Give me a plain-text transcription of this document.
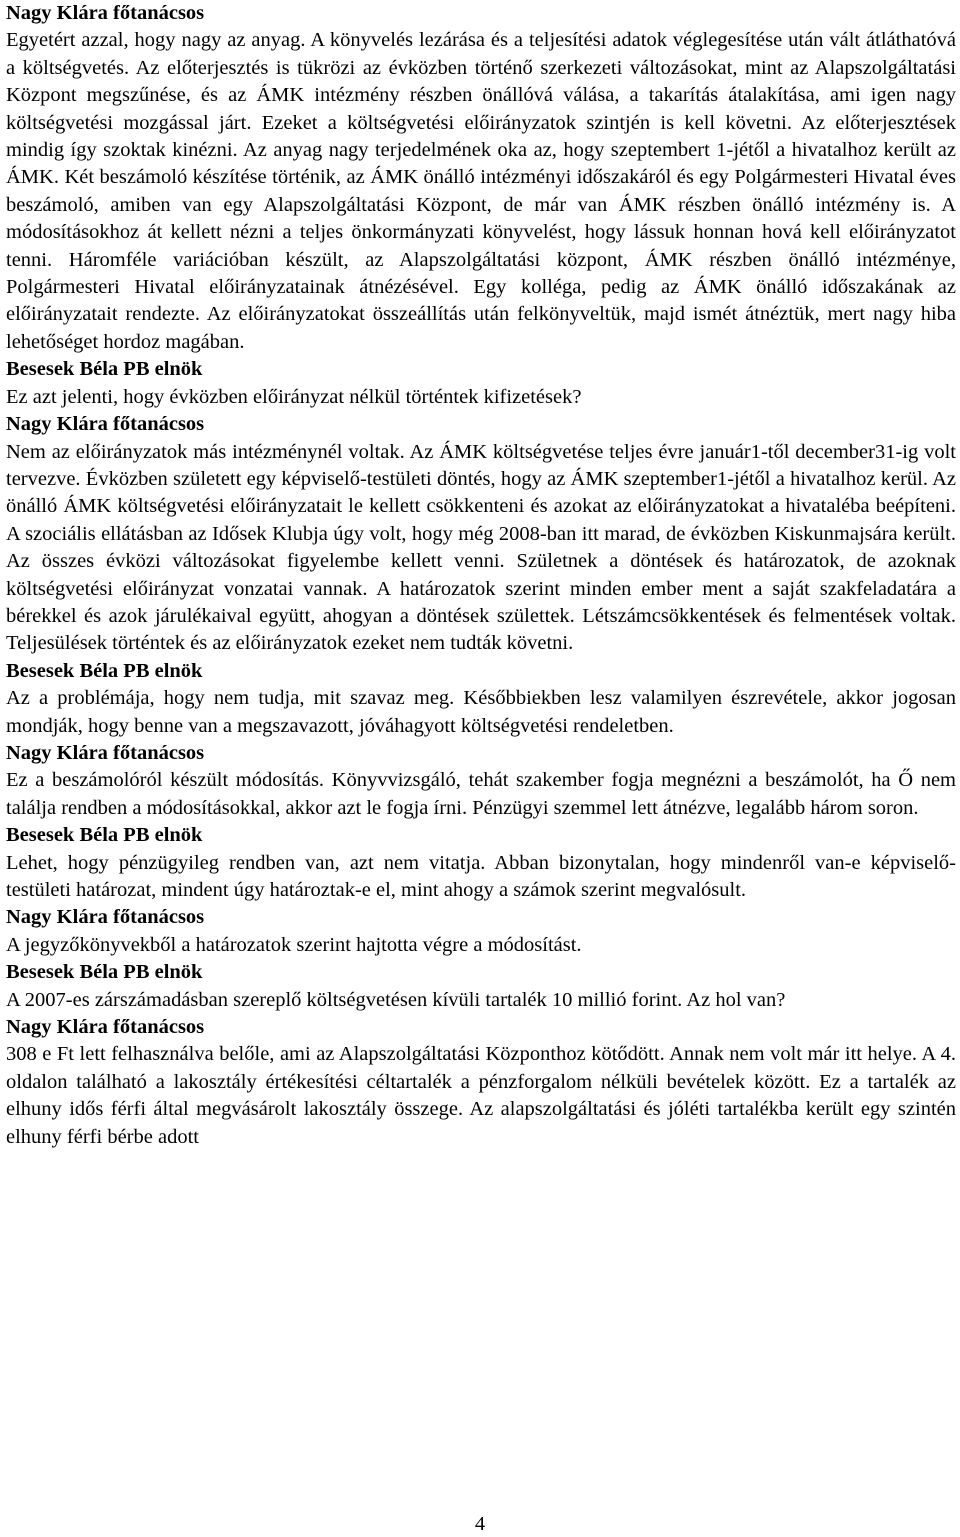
Nagy Klára főtanácsos

Egyetért azzal, hogy nagy az anyag. A könyvelés lezárása és a teljesítési adatok véglegesítése után vált átláthatóvá a költségvetés. Az előterjesztés is tükrözi az évközben történő szerkezeti változásokat, mint az Alapszolgáltatási Központ megszűnése, és az ÁMK intézmény részben önállóvá válása, a takarítás átalakítása, ami igen nagy költségvetési mozgással járt. Ezeket a költségvetési előirányzatok szintjén is kell követni. Az előterjesztések mindig így szoktak kinézni. Az anyag nagy terjedelmének oka az, hogy szeptembert 1-jétől a hivatalhoz került az ÁMK. Két beszámoló készítése történik, az ÁMK önálló intézményi időszakáról és egy Polgármesteri Hivatal éves beszámoló, amiben van egy Alapszolgáltatási Központ, de már van ÁMK részben önálló intézmény is. A módosításokhoz át kellett nézni a teljes önkormányzati könyvelést, hogy lássuk honnan hová kell előirányzatot tenni. Háromféle variációban készült, az Alapszolgáltatási központ, ÁMK részben önálló intézménye, Polgármesteri Hivatal előirányzatainak átnézésével. Egy kolléga, pedig az ÁMK önálló időszakának az előirányzatait rendezte. Az előirányzatokat összeállítás után felkönyveltük, majd ismét átnéztük, mert nagy hiba lehetőséget hordoz magában.

Besesek Béla PB elnök

Ez azt jelenti, hogy évközben előirányzat nélkül történtek kifizetések?

Nagy Klára főtanácsos

Nem az előirányzatok más intézménynél voltak. Az ÁMK költségvetése teljes évre január1-től december31-ig volt tervezve. Évközben született egy képviselő-testületi döntés, hogy az ÁMK szeptember1-jétől a hivatalhoz kerül. Az önálló ÁMK költségvetési előirányzatait le kellett csökkenteni és azokat az előirányzatokat a hivatalébа beépíteni. A szociális ellátásban az Idősek Klubja úgy volt, hogy még 2008-ban itt marad, de évközben Kiskunmajsára került. Az összes évközi változásokat figyelembe kellett venni. Születnek a döntések és határozatok, de azoknak költségvetési előirányzat vonzatai vannak. A határozatok szerint minden ember ment a saját szakfeladatára a bérekkel és azok járulékaival együtt, ahogyan a döntések születtek. Létszámcsökkentések és felmentések voltak. Teljesülések történtek és az előirányzatok ezeket nem tudták követni.

Besesek Béla PB elnök

Az a problémája, hogy nem tudja, mit szavaz meg. Későbbiekben lesz valamilyen észrevétele, akkor jogosan mondják, hogy benne van a megszavazott, jóváhagyott költségvetési rendeletben.

Nagy Klára főtanácsos

Ez a beszámolóról készült módosítás. Könyvvizsgáló, tehát szakember fogja megnézni a beszámolót, ha Ő nem találja rendben a módosításokkal, akkor azt le fogja írni. Pénzügyi szemmel lett átnézve, legalább három soron.

Besesek Béla PB elnök

Lehet, hogy pénzügyileg rendben van, azt nem vitatja. Abban bizonytalan, hogy mindenről van-e képviselő-testületi határozat, mindent úgy határoztak-e el, mint ahogy a számok szerint megvalósult.

Nagy Klára főtanácsos

A jegyzőkönyvekből a határozatok szerint hajtotta végre a módosítást.

Besesek Béla PB elnök

A 2007-es zárszámadásban szereplő költségvetésen kívüli tartalék 10 millió forint. Az hol van?

Nagy Klára főtanácsos

308 e Ft lett felhasználva belőle, ami az Alapszolgáltatási Központhoz kötődött. Annak nem volt már itt helye. A 4. oldalon található a lakosztály értékesítési céltartalék a pénzforgalom nélküli bevételek között. Ez a tartalék az elhuny idős férfi által megvásárolt lakosztály összege. Az alapszolgáltatási és jóléti tartalékba került egy szintén elhuny férfi bérbe adott

4
